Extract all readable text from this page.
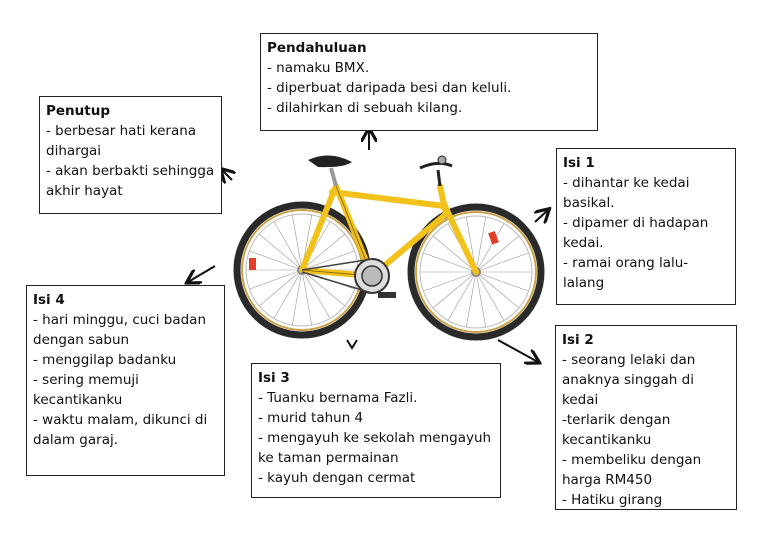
Pendahuluan
- namaku BMX.
- diperbuat daripada besi dan keluli.
- dilahirkan di sebuah kilang.
Penutup
- berbesar hati kerana dihargai
- akan berbakti sehingga akhir hayat
Isi 1
- dihantar ke kedai basikal.
- dipamer di hadapan kedai.
- ramai orang lalu-lalang
Isi 4
- hari minggu, cuci badan dengan sabun
- menggilap badanku
- sering memuji kecantikanku
- waktu malam, dikunci di dalam garaj.
Isi 2
- seorang lelaki dan anaknya singgah di kedai
-terlarik dengan kecantikanku
- membeliku dengan harga RM450
- Hatiku girang
Isi 3
- Tuanku bernama Fazli.
- murid tahun 4
- mengayuh ke sekolah mengayuh ke taman permainan
- kayuh dengan cermat
